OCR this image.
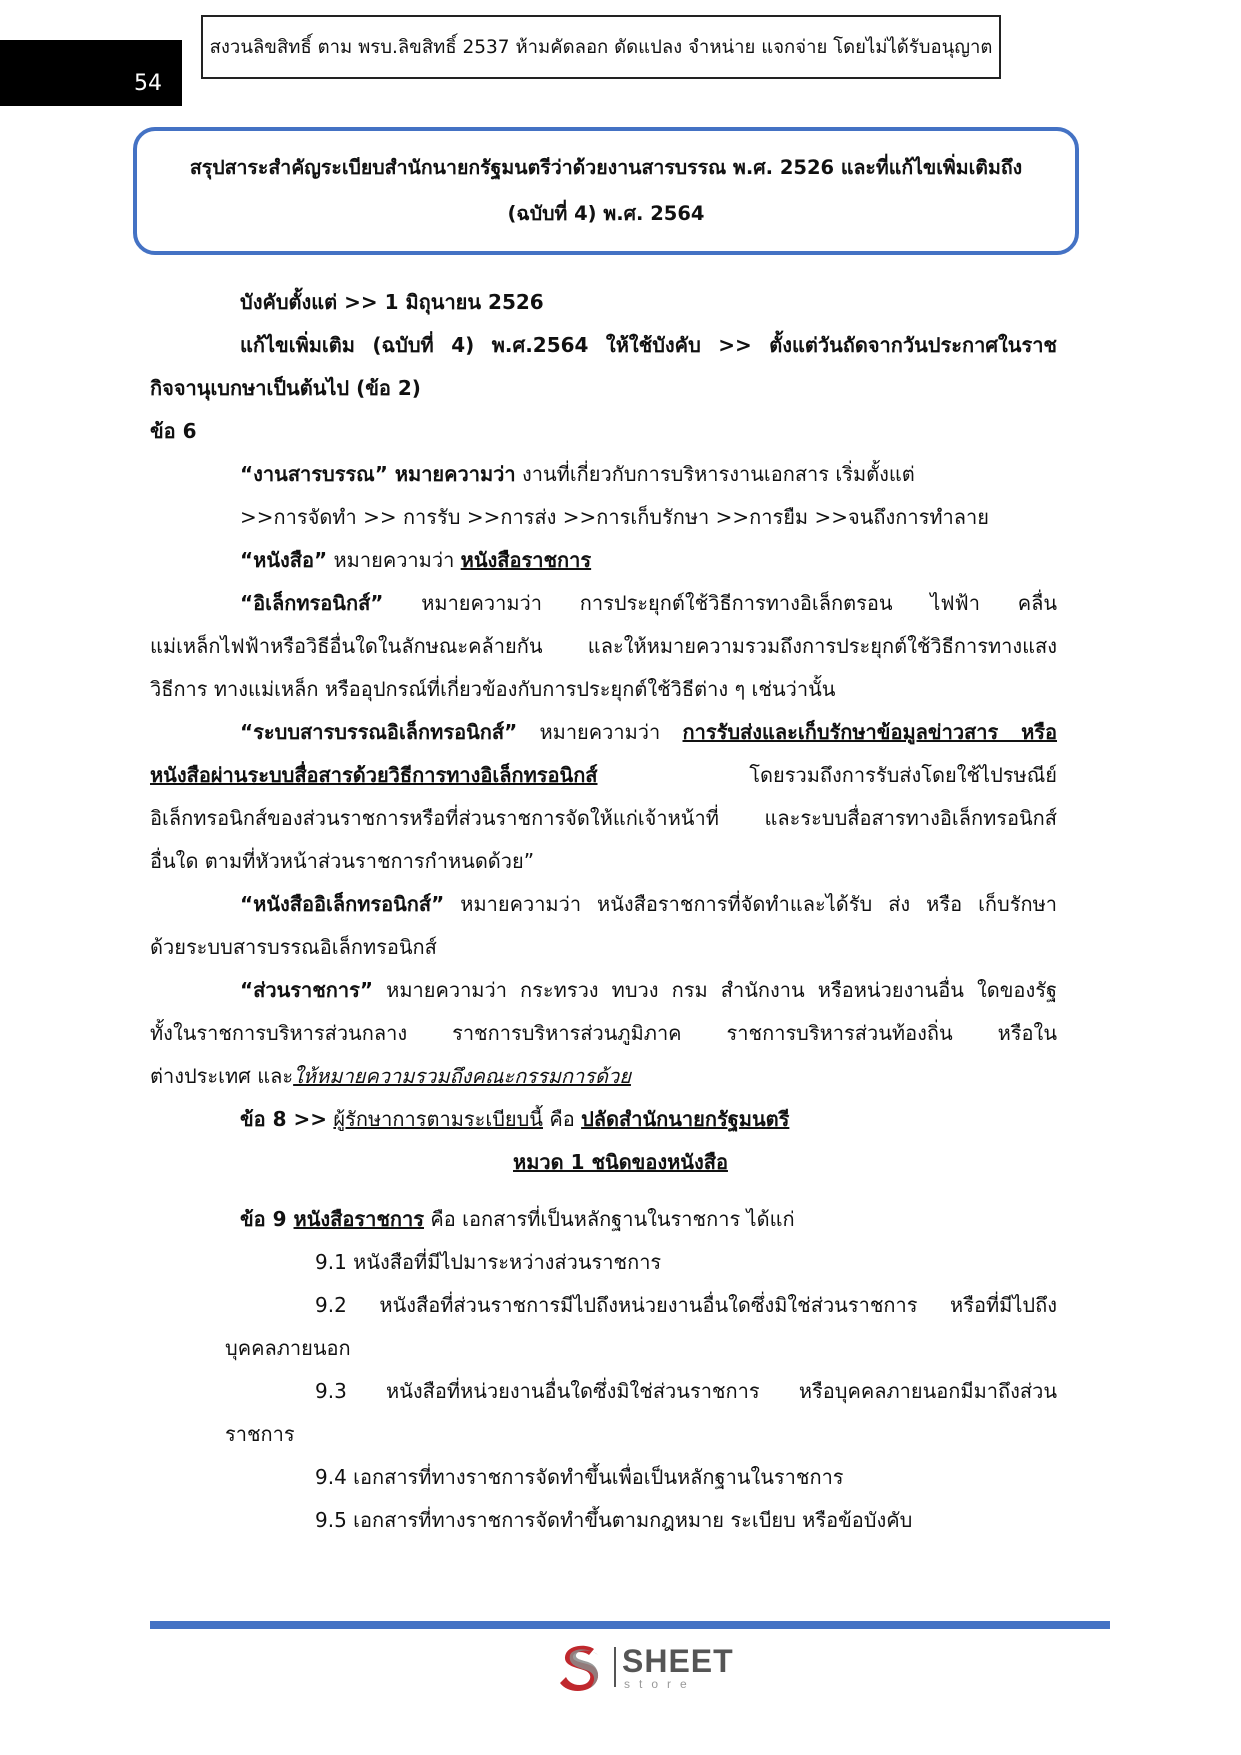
54
สงวนลิขสิทธิ์ ตาม พรบ.ลิขสิทธิ์ 2537 ห้ามคัดลอก ดัดแปลง จำหน่าย แจกจ่าย โดยไม่ได้รับอนุญาต
สรุปสาระสำคัญระเบียบสำนักนายกรัฐมนตรีว่าด้วยงานสารบรรณ พ.ศ. 2526 และที่แก้ไขเพิ่มเติมถึง
(ฉบับที่ 4) พ.ศ. 2564
บังคับตั้งแต่ >> 1 มิถุนายน 2526
แก้ไขเพิ่มเติม (ฉบับที่ 4) พ.ศ.2564 ให้ใช้บังคับ >> ตั้งแต่วันถัดจากวันประกาศในราช
กิจจานุเบกษาเป็นต้นไป (ข้อ 2)
ข้อ 6
“งานสารบรรณ” หมายความว่า งานที่เกี่ยวกับการบริหารงานเอกสาร เริ่มตั้งแต่
>>การจัดทำ >> การรับ >>การส่ง >>การเก็บรักษา >>การยืม >>จนถึงการทำลาย
“หนังสือ” หมายความว่า หนังสือราชการ
“อิเล็กทรอนิกส์” หมายความว่า การประยุกต์ใช้วิธีการทางอิเล็กตรอน ไฟฟ้า คลื่น
แม่เหล็กไฟฟ้าหรือวิธีอื่นใดในลักษณะคล้ายกัน และให้หมายความรวมถึงการประยุกต์ใช้วิธีการทางแสง
วิธีการ ทางแม่เหล็ก หรืออุปกรณ์ที่เกี่ยวข้องกับการประยุกต์ใช้วิธีต่าง ๆ เช่นว่านั้น
“ระบบสารบรรณอิเล็กทรอนิกส์” หมายความว่า การรับส่งและเก็บรักษาข้อมูลข่าวสาร หรือ
หนังสือผ่านระบบสื่อสารด้วยวิธีการทางอิเล็กทรอนิกส์ โดยรวมถึงการรับส่งโดยใช้ไปรษณีย์
อิเล็กทรอนิกส์ของส่วนราชการหรือที่ส่วนราชการจัดให้แก่เจ้าหน้าที่ และระบบสื่อสารทางอิเล็กทรอนิกส์
อื่นใด ตามที่หัวหน้าส่วนราชการกำหนดด้วย”
“หนังสืออิเล็กทรอนิกส์” หมายความว่า หนังสือราชการที่จัดทำและได้รับ ส่ง หรือ เก็บรักษา
ด้วยระบบสารบรรณอิเล็กทรอนิกส์
“ส่วนราชการ” หมายความว่า กระทรวง ทบวง กรม สำนักงาน หรือหน่วยงานอื่น ใดของรัฐ
ทั้งในราชการบริหารส่วนกลาง ราชการบริหารส่วนภูมิภาค ราชการบริหารส่วนท้องถิ่น หรือใน
ต่างประเทศ และให้หมายความรวมถึงคณะกรรมการด้วย
ข้อ 8 >> ผู้รักษาการตามระเบียบนี้ คือ ปลัดสำนักนายกรัฐมนตรี
หมวด 1 ชนิดของหนังสือ
ข้อ 9 หนังสือราชการ คือ เอกสารที่เป็นหลักฐานในราชการ ได้แก่
9.1 หนังสือที่มีไปมาระหว่างส่วนราชการ
9.2 หนังสือที่ส่วนราชการมีไปถึงหน่วยงานอื่นใดซึ่งมิใช่ส่วนราชการ หรือที่มีไปถึง
บุคคลภายนอก
9.3 หนังสือที่หน่วยงานอื่นใดซึ่งมิใช่ส่วนราชการ หรือบุคคลภายนอกมีมาถึงส่วน
ราชการ
9.4 เอกสารที่ทางราชการจัดทำขึ้นเพื่อเป็นหลักฐานในราชการ
9.5 เอกสารที่ทางราชการจัดทำขึ้นตามกฎหมาย ระเบียบ หรือข้อบังคับ
SHEET
store
